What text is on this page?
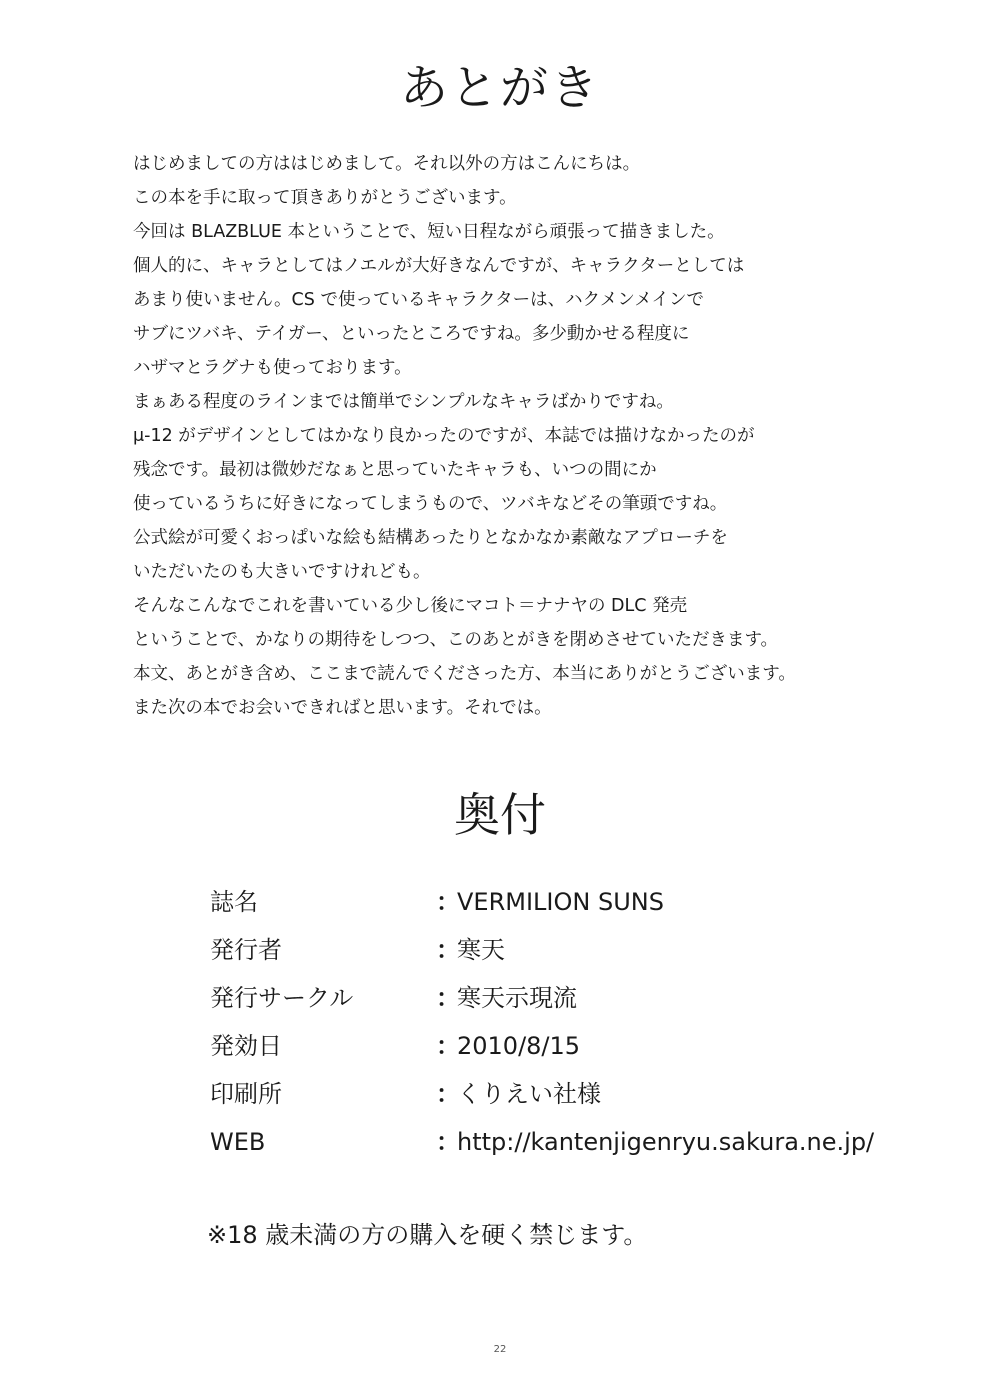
あとがき
はじめましての方ははじめまして。それ以外の方はこんにちは。
この本を手に取って頂きありがとうございます。
今回は BLAZBLUE 本ということで、短い日程ながら頑張って描きました。
個人的に、キャラとしてはノエルが大好きなんですが、キャラクターとしては
あまり使いません。CS で使っているキャラクターは、ハクメンメインで
サブにツバキ、テイガー、といったところですね。多少動かせる程度に
ハザマとラグナも使っております。
まぁある程度のラインまでは簡単でシンプルなキャラばかりですね。
μ-12 がデザインとしてはかなり良かったのですが、本誌では描けなかったのが
残念です。最初は微妙だなぁと思っていたキャラも、いつの間にか
使っているうちに好きになってしまうもので、ツバキなどその筆頭ですね。
公式絵が可愛くおっぱいな絵も結構あったりとなかなか素敵なアプローチを
いただいたのも大きいですけれども。
そんなこんなでこれを書いている少し後にマコト＝ナナヤの DLC 発売
ということで、かなりの期待をしつつ、このあとがきを閉めさせていただきます。
本文、あとがき含め、ここまで読んでくださった方、本当にありがとうございます。
また次の本でお会いできればと思います。それでは。
奥付
誌名	：
VERMILION SUNS
発行者	：
寒天
発行サークル	：
寒天示現流
発効日	：
2010/8/15
印刷所	：
くりえい社様
WEB	：
http://kantenjigenryu.sakura.ne.jp/
※18 歳未満の方の購入を硬く禁じます。
22
